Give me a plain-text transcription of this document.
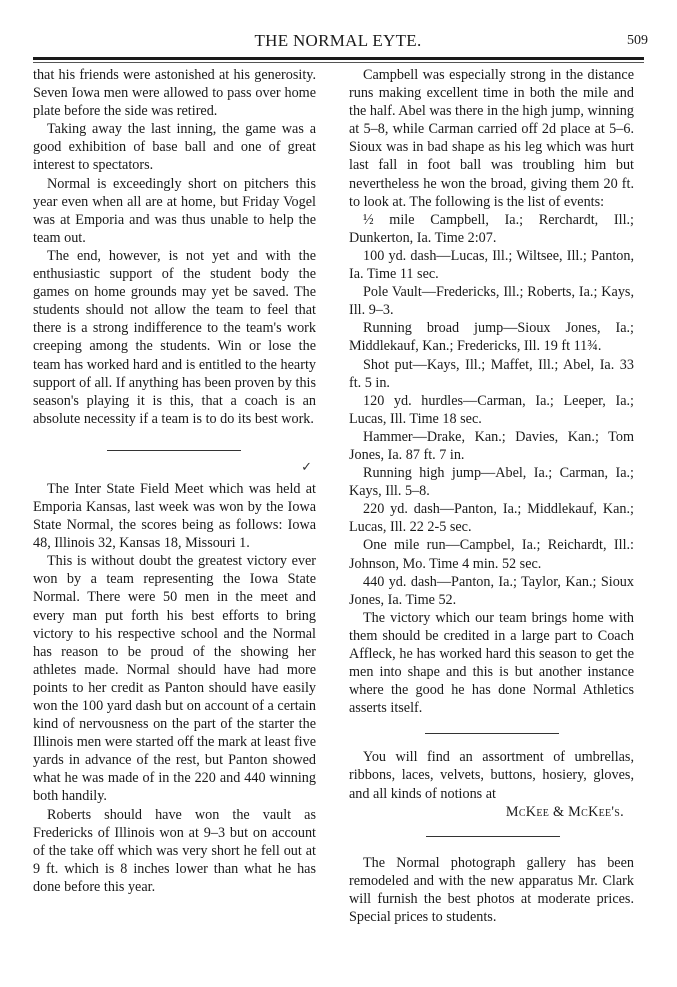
THE NORMAL EYTE.	509

that his friends were astonished at his generosity. Seven Iowa men were allowed to pass over home plate before the side was retired.

Taking away the last inning, the game was a good exhibition of base ball and one of great interest to spectators.

Normal is exceedingly short on pitchers this year even when all are at home, but Friday Vogel was at Emporia and was thus unable to help the team out.

The end, however, is not yet and with the enthusiastic support of the student body the games on home grounds may yet be saved. The students should not allow the team to feel that there is a strong indifference to the team's work creeping among the students. Win or lose the team has worked hard and is entitled to the hearty support of all. If anything has been proven by this season's playing it is this, that a coach is an absolute necessity if a team is to do its best work.

✓

The Inter State Field Meet which was held at Emporia Kansas, last week was won by the Iowa State Normal, the scores being as follows: Iowa 48, Illinois 32, Kansas 18, Missouri 1.

This is without doubt the greatest victory ever won by a team representing the Iowa State Normal. There were 50 men in the meet and every man put forth his best efforts to bring victory to his respective school and the Normal has reason to be proud of the showing her athletes made. Normal should have had more points to her credit as Panton should have easily won the 100 yard dash but on account of a certain kind of nervousness on the part of the starter the Illinois men were started off the mark at least five yards in advance of the rest, but Panton showed what he was made of in the 220 and 440 winning both handily.

Roberts should have won the vault as Fredericks of Illinois won at 9–3 but on account of the take off which was very short he fell out at 9 ft. which is 8 inches lower than what he has done before this year.

Campbell was especially strong in the distance runs making excellent time in both the mile and the half. Abel was there in the high jump, winning at 5–8, while Carman carried off 2d place at 5–6. Sioux was in bad shape as his leg which was hurt last fall in foot ball was troubling him but nevertheless he won the broad, giving them 20 ft. to look at. The following is the list of events:

½ mile Campbell, Ia.; Rerchardt, Ill.; Dunkerton, Ia. Time 2:07.

100 yd. dash—Lucas, Ill.; Wiltsee, Ill.; Panton, Ia. Time 11 sec.

Pole Vault—Fredericks, Ill.; Roberts, Ia.; Kays, Ill. 9–3.

Running broad jump—Sioux Jones, Ia.; Middlekauf, Kan.; Fredericks, Ill. 19 ft 11¾.

Shot put—Kays, Ill.; Maffet, Ill.; Abel, Ia. 33 ft. 5 in.

120 yd. hurdles—Carman, Ia.; Leeper, Ia.; Lucas, Ill. Time 18 sec.

Hammer—Drake, Kan.; Davies, Kan.; Tom Jones, Ia. 87 ft. 7 in.

Running high jump—Abel, Ia.; Carman, Ia.; Kays, Ill. 5–8.

220 yd. dash—Panton, Ia.; Middlekauf, Kan.; Lucas, Ill. 22 2-5 sec.

One mile run—Campbel, Ia.; Reichardt, Ill.: Johnson, Mo. Time 4 min. 52 sec.

440 yd. dash—Panton, Ia.; Taylor, Kan.; Sioux Jones, Ia. Time 52.

The victory which our team brings home with them should be credited in a large part to Coach Affleck, he has worked hard this season to get the men into shape and this is but another instance where the good he has done Normal Athletics asserts itself.

You will find an assortment of umbrellas, ribbons, laces, velvets, buttons, hosiery, gloves, and all kinds of notions at

McKee & McKee's.

The Normal photograph gallery has been remodeled and with the new apparatus Mr. Clark will furnish the best photos at moderate prices. Special prices to students.
